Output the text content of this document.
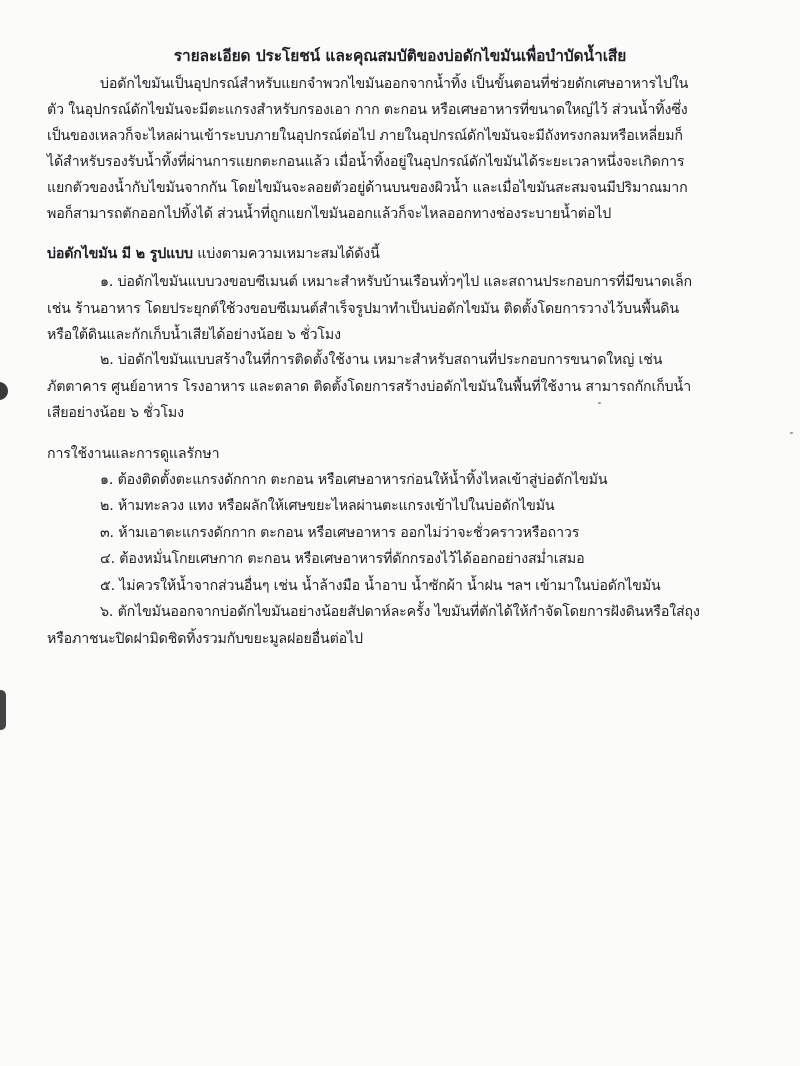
รายละเอียด ประโยชน์ และคุณสมบัติของบ่อดักไขมันเพื่อบำบัดน้ำเสีย
บ่อดักไขมันเป็นอุปกรณ์สำหรับแยกจำพวกไขมันออกจากน้ำทิ้ง เป็นขั้นตอนที่ช่วยดักเศษอาหารไปใน
ตัว ในอุปกรณ์ดักไขมันจะมีตะแกรงสำหรับกรองเอา กาก ตะกอน หรือเศษอาหารที่ขนาดใหญ่ไว้ ส่วนน้ำทิ้งซึ่ง
เป็นของเหลวก็จะไหลผ่านเข้าระบบภายในอุปกรณ์ต่อไป ภายในอุปกรณ์ดักไขมันจะมีถังทรงกลมหรือเหลี่ยมก็
ได้สำหรับรองรับน้ำทิ้งที่ผ่านการแยกตะกอนแล้ว เมื่อน้ำทิ้งอยู่ในอุปกรณ์ดักไขมันได้ระยะเวลาหนึ่งจะเกิดการ
แยกตัวของน้ำกับไขมันจากกัน โดยไขมันจะลอยตัวอยู่ด้านบนของผิวน้ำ และเมื่อไขมันสะสมจนมีปริมาณมาก
พอก็สามารถตักออกไปทิ้งได้ ส่วนน้ำที่ถูกแยกไขมันออกแล้วก็จะไหลออกทางช่องระบายน้ำต่อไป
บ่อดักไขมัน มี ๒ รูปแบบ แบ่งตามความเหมาะสมได้ดังนี้
๑. บ่อดักไขมันแบบวงขอบซีเมนต์ เหมาะสำหรับบ้านเรือนทั่วๆไป และสถานประกอบการที่มีขนาดเล็ก
เช่น ร้านอาหาร โดยประยุกต์ใช้วงขอบซีเมนต์สำเร็จรูปมาทำเป็นบ่อดักไขมัน ติดตั้งโดยการวางไว้บนพื้นดิน
หรือใต้ดินและกักเก็บน้ำเสียได้อย่างน้อย ๖ ชั่วโมง
๒. บ่อดักไขมันแบบสร้างในที่การติดตั้งใช้งาน เหมาะสำหรับสถานที่ประกอบการขนาดใหญ่ เช่น
ภัตตาคาร ศูนย์อาหาร โรงอาหาร และตลาด ติดตั้งโดยการสร้างบ่อดักไขมันในพื้นที่ใช้งาน สามารถกักเก็บน้ำ
เสียอย่างน้อย ๖ ชั่วโมง
การใช้งานและการดูแลรักษา
๑. ต้องติดตั้งตะแกรงดักกาก ตะกอน หรือเศษอาหารก่อนให้น้ำทิ้งไหลเข้าสู่บ่อดักไขมัน
๒. ห้ามทะลวง แทง หรือผลักให้เศษขยะไหลผ่านตะแกรงเข้าไปในบ่อดักไขมัน
๓. ห้ามเอาตะแกรงดักกาก ตะกอน หรือเศษอาหาร ออกไม่ว่าจะชั่วคราวหรือถาวร
๔. ต้องหมั่นโกยเศษกาก ตะกอน หรือเศษอาหารที่ดักกรองไว้ได้ออกอย่างสม่ำเสมอ
๕. ไม่ควรให้น้ำจากส่วนอื่นๆ เช่น น้ำล้างมือ น้ำอาบ น้ำซักผ้า น้ำฝน ฯลฯ เข้ามาในบ่อดักไขมัน
๖. ตักไขมันออกจากบ่อดักไขมันอย่างน้อยสัปดาห์ละครั้ง ไขมันที่ตักได้ให้กำจัดโดยการฝังดินหรือใส่ถุง
หรือภาชนะปิดฝามิดชิดทิ้งรวมกับขยะมูลฝอยอื่นต่อไป
